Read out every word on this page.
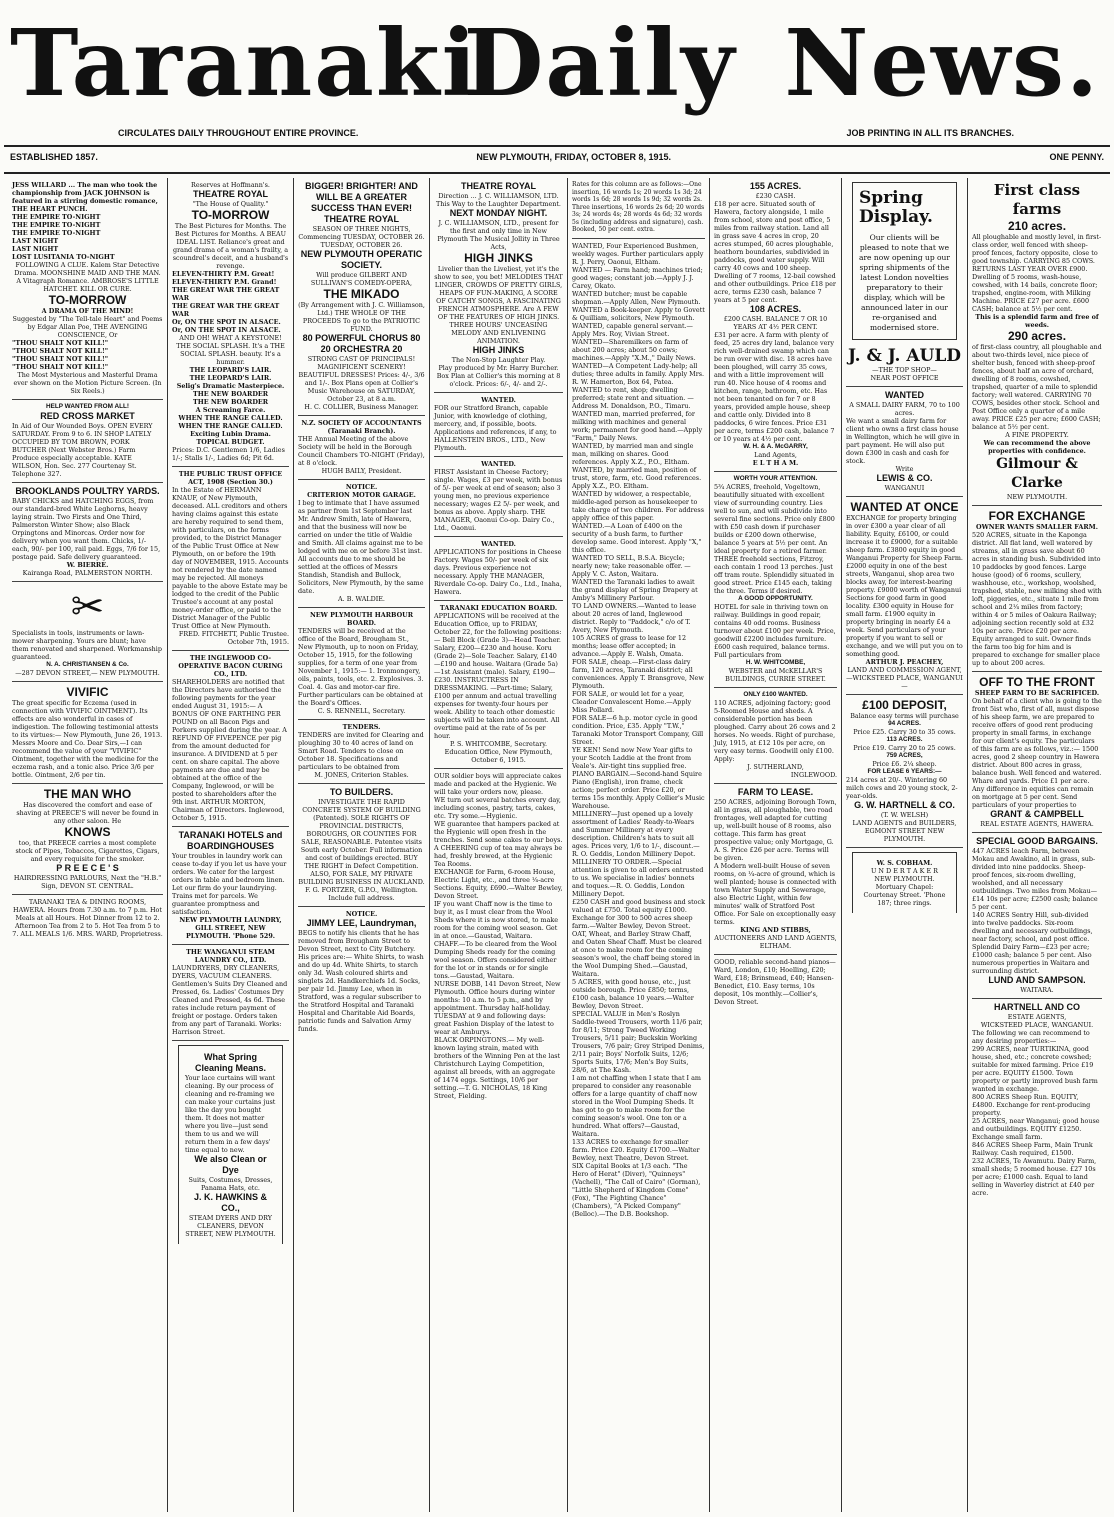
TaranakiDaily News.
CIRCULATES DAILY THROUGHOUT ENTIRE PROVINCE.	JOB PRINTING IN ALL ITS BRANCHES.
ESTABLISHED 1857.	NEW PLYMOUTH, FRIDAY, OCTOBER 8, 1915.	ONE PENNY.
JESS WILLARD ... The man who took the championship from JACK JOHNSON is featured in a stirring domestic romance, THE HEART PUNCH.
THE EMPIRE TO-NIGHT
THE EMPIRE TO-NIGHT
THE EMPIRE TO-NIGHT
LAST NIGHT
LAST NIGHT
LOST LUSITANIA TO-NIGHT
FOLLOWING A CLUE. Kalem Star Detective Drama. MOONSHINE MAID AND THE MAN. A Vitagraph Romance. AMBROSE'S LITTLE HATCHET. KILL OR CURE.
TO-MORROW
A DRAMA OF THE MIND!
Suggested by "The Tell-tale Heart" and Poems by Edgar Allan Poe, THE AVENGING CONSCIENCE, Or
"THOU SHALT NOT KILL!"
"THOU SHALT NOT KILL!"
"THOU SHALT NOT KILL!"
"THOU SHALT NOT KILL!"
The Most Mysterious and Masterful Drama ever shown on the Motion Picture Screen. (In Six Reels.)
HELP WANTED FROM ALL!
RED CROSS MARKET
In Aid of Our Wounded Boys. OPEN EVERY SATURDAY. From 9 to 6. IN SHOP LATELY OCCUPIED BY TOM BROWN, PORK BUTCHER (Next Webster Bros.) Farm Produce especially acceptable. KATE WILSON, Hon. Sec. 277 Courtenay St. Telephone 327.
BROOKLANDS POULTRY YARDS.
BABY CHICKS and HATCHING EGGS, from our standard-bred White Leghorns, heavy laying strain. Two Firsts and One Third, Palmerston Winter Show; also Black Orpingtons and Minorcas. Order now for delivery when you want them. Chicks, 1/- each, 90/- per 100, rail paid. Eggs, 7/6 for 15, postage paid. Safe delivery guaranteed.
W. BIERRE.
Kairanga Road, PALMERSTON NORTH.
✂
Specialists in tools, instruments or lawn-mower sharpening. Yours are blunt; have them renovated and sharpened. Workmanship guaranteed.
N. A. CHRISTIANSEN & Co.
—287 DEVON STREET,— NEW PLYMOUTH.
VIVIFIC
The great specific for Eczema (used in connection with VIVIFIC OINTMENT). Its effects are also wonderful in cases of indigestion. The following testimonial attests to its virtues:— New Plymouth, June 26, 1913. Messrs Moore and Co. Dear Sirs,—I can recommend the value of your "VIVIFIC" Ointment, together with the medicine for the eczema rash, and a tonic also. Price 3/6 per bottle. Ointment, 2/6 per tin.
THE MAN WHO
Has discovered the comfort and ease of shaving at PREECE'S will never be found in any other saloon. He
KNOWS
too, that PREECE carries a most complete stock of Pipes, Tobaccos, Cigarettes, Cigars, and every requisite for the smoker.
P R E E C E ' S
HAIRDRESSING PARLOURS, Next the "H.B." Sign, DEVON ST. CENTRAL.
TARANAKI TEA & DINING ROOMS, HAWERA. Hours from 7.30 a.m. to 7 p.m. Hot Meals at all Hours. Hot Dinner from 12 to 2. Afternoon Tea from 2 to 5. Hot Tea from 5 to 7. ALL MEALS 1/6. MRS. WARD, Proprietress.
Reserves at Hoffmann's.
THEATRE ROYAL
"The House of Quality."
TO-MORROW
The Best Pictures for Months. The Best Pictures for Months. A BEAU IDEAL LIST. Reliance's great and grand drama of a woman's frailty, a scoundrel's deceit, and a husband's revenge.
ELEVEN-THIRTY P.M. Great!
ELEVEN-THIRTY P.M. Grand!
THE GREAT WAR THE GREAT WAR
THE GREAT WAR THE GREAT WAR
Or, ON THE SPOT IN ALSACE.
Or, ON THE SPOT IN ALSACE.
AND OH! WHAT A KEYSTONE! THE SOCIAL SPLASH. It's a THE SOCIAL SPLASH. beauty. It's a hummer.
THE LEOPARD'S LAIR.
THE LEOPARD'S LAIR.
Selig's Dramatic Masterpiece.
THE NEW BOARDER
THE NEW BOARDER
A Screaming Farce.
WHEN THE RANGE CALLED.
WHEN THE RANGE CALLED.
Exciting Lubin Drama.
TOPICAL BUDGET.
Prices: D.C. Gentlemen 1/6, Ladies 1/-; Stalls 1/-, Ladies 6d; Pit 6d.
THE PUBLIC TRUST OFFICE ACT, 1908 (Section 30.)
In the Estate of HERMANN KNAUF, of New Plymouth, deceased. ALL creditors and others having claims against this estate are hereby required to send them, with particulars, on the forms provided, to the District Manager of the Public Trust Office at New Plymouth, on or before the 19th day of NOVEMBER, 1915. Accounts not rendered by the date named may be rejected. All moneys payable to the above Estate may be lodged to the credit of the Public Trustee's account at any postal money-order office, or paid to the District Manager of the Public Trust Office at New Plymouth.
FRED. FITCHETT, Public Trustee. October 7th, 1915.
THE INGLEWOOD CO-OPERATIVE BACON CURING CO., LTD.
SHAREHOLDERS are notified that the Directors have authorised the following payments for the year ended August 31, 1915:— A BONUS OF ONE FARTHING PER POUND on all Bacon Pigs and Porkers supplied during the year. A REFUND OF FIVEPENCE per pig from the amount deducted for insurance. A DIVIDEND at 5 per cent. on share capital. The above payments are due and may be obtained at the office of the Company, Inglewood, or will be posted to shareholders after the 9th inst. ARTHUR MORTON, Chairman of Directors. Inglewood, October 5, 1915.
TARANAKI HOTELS and BOARDINGHOUSES
Your troubles in laundry work can cease to-day if you let us have your orders. We cater for the largest orders in table and bedroom linen. Let our firm do your laundrying. Trains met for parcels. We guarantee promptness and satisfaction.
NEW PLYMOUTH LAUNDRY, GILL STREET, NEW PLYMOUTH. 'Phone 529.
THE WANGANUI STEAM LAUNDRY CO., LTD.
LAUNDRYERS, DRY CLEANERS, DYERS, VACUUM CLEANERS. Gentlemen's Suits Dry Cleaned and Pressed, 6s. Ladies' Costumes Dry Cleaned and Pressed, 4s 6d. These rates include return payment of freight or postage. Orders taken from any part of Taranaki. Works: Harrison Street.
What Spring Cleaning Means.
Your lace curtains will want cleaning. By our process of cleaning and re-framing we can make your curtains just like the day you bought them. It does not matter where you live—just send them to us and we will return them in a few days' time equal to new.
We also Clean or Dye
Suits, Costumes, Dresses, Panama Hats, etc.
J. K. HAWKINS & CO.,
STEAM DYERS AND DRY CLEANERS, DEVON STREET, NEW PLYMOUTH.
BIGGER! BRIGHTER! AND WILL BE A GREATER SUCCESS THAN EVER!
THEATRE ROYAL
SEASON OF THREE NIGHTS, Commencing TUESDAY, OCTOBER 26. TUESDAY, OCTOBER 26.
NEW PLYMOUTH OPERATIC SOCIETY.
Will produce GILBERT AND SULLIVAN'S COMEDY-OPERA,
THE MIKADO
(By Arrangement with J. C. Williamson, Ltd.) THE WHOLE OF THE PROCEEDS To go to the PATRIOTIC FUND.
80 POWERFUL CHORUS 80
20 ORCHESTRA 20
STRONG CAST OF PRINCIPALS! MAGNIFICENT SCENERY! BEAUTIFUL DRESSES! Prices: 4/-, 3/6 and 1/-. Box Plans open at Collier's Music Warehouse on SATURDAY, October 23, at 8 a.m.
H. C. COLLIER, Business Manager.
N.Z. SOCIETY OF ACCOUNTANTS (Taranaki Branch).
THE Annual Meeting of the above Society will be held in the Borough Council Chambers TO-NIGHT (Friday), at 8 o'clock.
HUGH BAILY, President.
NOTICE.
CRITERION MOTOR GARAGE.
I beg to intimate that I have assumed as partner from 1st September last Mr. Andrew Smith, late of Hawera, and that the business will now be carried on under the title of Waldie and Smith. All claims against me to be lodged with me on or before 31st inst. All accounts due to me should be settled at the offices of Messrs Standish, Standish and Bullock, Solicitors, New Plymouth, by the same date.
A. B. WALDIE.
NEW PLYMOUTH HARBOUR BOARD.
TENDERS will be received at the office of the Board, Brougham St., New Plymouth, up to noon on Friday, October 15, 1915, for the following supplies, for a term of one year from November 1, 1915:— 1. Ironmongery, oils, paints, tools, etc. 2. Explosives. 3. Coal. 4. Gas and motor-car fire. Further particulars can be obtained at the Board's Offices.
C. S. RENNELL, Secretary.
TENDERS.
TENDERS are invited for Clearing and ploughing 30 to 40 acres of land on Smart Road. Tenders to close on October 18. Specifications and particulars to be obtained from
M. JONES, Criterion Stables.
TO BUILDERS.
INVESTIGATE THE RAPID CONCRETE SYSTEM OF BUILDING (Patented). SOLE RIGHTS OF PROVINCIAL DISTRICTS, BOROUGHS, OR COUNTIES FOR SALE, REASONABLE. Patentee visits South early October. Full information and cost of buildings erected. BUY THE RIGHT in Defect Competition. ALSO, FOR SALE, MY PRIVATE BUILDING BUSINESS IN AUCKLAND.
F. G. FORTZER, G.P.O., Wellington. Include full address.
NOTICE.
JIMMY LEE, Laundryman,
BEGS to notify his clients that he has removed from Brougham Street to Devon Street, next to City Butchery. His prices are:— White Shirts, to wash and do up 4d. White Shirts, to starch only 3d. Wash coloured shirts and singlets 2d. Handkerchiefs 1d. Socks, per pair 1d. Jimmy Lee, when in Stratford, was a regular subscriber to the Stratford Hospital and Taranaki Hospital and Charitable Aid Boards, patriotic funds and Salvation Army funds.
THEATRE ROYAL
Direction ... J. C. WILLIAMSON, LTD.
This Way to the Laughter Department.
NEXT MONDAY NIGHT.
J. C. WILLIAMSON, LTD., present for the first and only time in New Plymouth The Musical Jollity in Three Acts,
HIGH JINKS
Livelier than the Liveliest, yet it's the show to see, you bet! MELODIES THAT LINGER, CROWDS OF PRETTY GIRLS, HEAPS OF FUN-MAKING, A SCORE OF CATCHY SONGS, A FASCINATING FRENCH ATMOSPHERE. Are A FEW OF THE FEATURES OF HIGH JINKS. THREE HOURS' UNCEASING MELODY AND ENLIVENING ANIMATION.
HIGH JINKS
The Non-Stop Laughter Play.
Play produced by Mr. Harry Burcher.
Box Plan at Collier's this morning at 8 o'clock. Prices: 6/-, 4/- and 2/-.
WANTED.
FOR our Stratford Branch, capable Junior, with knowledge of clothing, mercery, and, if possible, boots. Applications and references, if any, to HALLENSTEIN BROS., LTD., New Plymouth.
WANTED.
FIRST Assistant in Cheese Factory; single. Wages, £3 per week, with bonus of 5/- per week at end of season; also 3 young men, no previous experience necessary; wages £2 5/- per week, and bonus as above. Apply sharp. THE MANAGER, Oaonui Co-op. Dairy Co., Ltd., Oaonui.
WANTED.
APPLICATIONS for positions in Cheese Factory. Wages 50/- per week of six days. Previous experience not necessary. Apply THE MANAGER, Riverdale Co-op. Dairy Co., Ltd., Inaha, Hawera.
TARANAKI EDUCATION BOARD.
APPLICATIONS will be received at the Education Office, up to FRIDAY, October 22, for the following positions:— Bell Block (Grade 3)—Head Teacher. Salary, £200—£230 and house. Koru (Grade 2)—Sole Teacher. Salary, £140—£190 and house. Waitara (Grade 5a)—1st Assistant (male). Salary, £190—£230. INSTRUCTRESS IN DRESSMAKING. —Part-time; Salary, £100 per annum and actual travelling expenses for twenty-four hours per week. Ability to teach other domestic subjects will be taken into account. All overtime paid at the rate of 5s per hour.
P. S. WHITCOMBE, Secretary. Education Office, New Plymouth, October 6, 1915.
OUR soldier boys will appreciate cakes made and packed at the Hygienic. We will take your orders now, please.
WE turn out several batches every day, including scones, pastry, tarts, cakes, etc. Try some.—Hygienic.
WE guarantee that hampers packed at the Hygienic will open fresh in the trenches. Send some cakes to our boys.
A CHEERING cup of tea may always be had, freshly brewed, at the Hygienic Tea Rooms.
EXCHANGE for Farm, 6-room House, Electric Light, etc., and three ¼-acre Sections. Equity, £690.—Walter Bewley, Devon Street.
IF you want Chaff now is the time to buy it, as I must clear from the Wool Sheds where it is now stored, to make room for the coming wool season. Get in at once.—Gaustad, Waitara.
CHAFF.—To be cleared from the Wool Dumping Sheds ready for the coming wool season. Offers considered either for the lot or in stands or for single tons.—Gaustad, Waitara.
NURSE DOBB, 141 Devon Street, New Plymouth. Office hours during winter months: 10 a.m. to 5 p.m., and by appointment. Thursday half-holiday.
TUESDAY at 9 and following days: great Fashion Display of the latest to wear at Amburys.
BLACK ORPINGTONS.— My well-known laying strain, mated with brothers of the Winning Pen at the last Christchurch Laying Competition, against all breeds, with an aggregate of 1474 eggs. Settings, 10/6 per setting.—T. G. NICHOLAS, 18 King Street, Fielding.
Rates for this column are as follows:—One insertion, 16 words 1s; 20 words 1s 3d; 24 words 1s 6d; 28 words 1s 9d; 32 words 2s. Three insertions, 16 words 2s 6d; 20 words 3s; 24 words 4s; 28 words 4s 6d; 32 words 5s (including address and signature), cash. Booked, 50 per cent. extra.
WANTED, Four Experienced Bushmen, weekly wages. Further particulars apply R. J. Perry, Oaonui, Eltham.
WANTED — Farm hand; machines tried; good wages; constant job.—Apply J. J. Carey, Okato.
WANTED butcher; must be capable shopman.—Apply Allen, New Plymouth.
WANTED a Book-keeper. Apply to Govett & Quilliam, solicitors, New Plymouth.
WANTED, capable general servant.—Apply Mrs. Roy, Vivian Street.
WANTED—Sharemilkers on farm of about 200 acres; about 50 cows; machines.—Apply "X.M.," Daily News.
WANTED—A Competent Lady-help; all duties; three adults in family. Apply Mrs. R. W. Hamerton, Box 64, Patea.
WANTED to rent, shop; dwelling preferred; state rent and situation. —Address M. Donaldson, P.O., Timaru.
WANTED man, married preferred, for milking with machines and general work; permanent for good hand.—Apply "Farm," Daily News.
WANTED, by married man and single man, milking on shares. Good references. Apply X.Z., P.O., Eltham.
WANTED, by married man, position of trust, store, farm, etc. Good references. Apply X.Z., P.O. Eltham.
WANTED by widower, a respectable, middle-aged person as housekeeper to take charge of two children. For address apply office of this paper.
WANTED.—A Loan of £400 on the security of a bush farm, to further develop same. Good interest. Apply "X," this office.
WANTED TO SELL, B.S.A. Bicycle; nearly new; take reasonable offer. —Apply V. C. Aston, Waitara.
WANTED the Taranaki ladies to await the grand display of Spring Drapery at Amby's Millinery Parlour.
TO LAND OWNERS.—Wanted to lease about 20 acres of land, Inglewood district. Reply to "Paddock," c/o of T. Avery, New Plymouth.
105 ACRES of grass to lease for 12 months; lease offer accepted; in advance.—Apply E. Walsh, Omata.
FOR SALE, cheap.—First-class dairy farm, 120 acres, Taranaki district; all conveniences. Apply T. Bransgrove, New Plymouth.
FOR SALE, or would let for a year, Cleador Convalescent Home.—Apply Miss Pollard.
FOR SALE—6 h.p. motor cycle in good condition. Price, £35. Apply "T.W.," Taranaki Motor Transport Company, Gill Street.
YE KEN! Send now New Year gifts to your Scotch Laddie at the front from Veale's. Air-tight tins supplied free.
PIANO BARGAIN.—Second-hand Squire Piano (English), iron frame, check action; perfect order. Price £20, or terms 15s monthly. Apply Collier's Music Warehouse.
MILLINERY—Just opened up a lovely assortment of Ladies' Ready-to-Wears and Summer Millinery at every description. Children's hats to suit all ages. Prices very, 1/6 to 1/-, discount.—R. O. Geddis, London Millinery Depot.
MILLINERY TO ORDER.—Special attention is given to all orders entrusted to us. We specialise in ladies' bonnets and toques.—R. O. Geddis, London Millinery Depot.
£250 CASH and good business and stock valued at £750. Total equity £1000. Exchange for 300 to 500 acres sheep farm.—Walter Bewley, Devon Street.
OAT, Wheat, and Barley Straw Chaff, and Oaten Sheaf Chaff. Must be cleared at once to make room for the coming season's wool, the chaff being stored in the Wool Dumping Shed.—Gaustad, Waitara.
5 ACRES, with good house, etc., just outside borough. Price £850; terms, £100 cash, balance 10 years.—Walter Bewley, Devon Street.
SPECIAL VALUE in Men's Roslyn Saddle-tweed Trousers, worth 11/6 pair, for 8/11; Strong Tweed Working Trousers, 5/11 pair; Buckskin Working Trousers, 7/6 pair; Grey Striped Denims, 2/11 pair; Boys' Norfolk Suits, 12/6; Sports Suits, 17/6; Men's Boy Suits, 28/6, at The Kash.
I am not chaffing when I state that I am prepared to consider any reasonable offers for a large quantity of chaff now stored in the Wool Dumping Sheds. It has got to go to make room for the coming season's wool. One ton or a hundred. What offers?—Gaustad, Waitara.
133 ACRES to exchange for smaller farm. Price £20. Equity £1700.—Walter Bewley, next Theatre, Devon Street.
SIX Capital Books at 1/3 each. "The Hero of Herat" (Diver), "Quinneys" (Vachell), "The Call of Cairo" (Gorman), "Little Shepherd of Kingdom Come" (Fox), "The Fighting Chance" (Chambers), "A Picked Company" (Belloc).—The D.B. Bookshop.
155 ACRES.
£230 CASH.
£18 per acre. Situated south of Hawera, factory alongside, 1 mile from school, store and post office, 5 miles from railway station. Land all in grass save 4 acres in crop, 20 acres stumped, 60 acres ploughable, heathorn boundaries, subdivided in paddocks, good water supply. Will carry 40 cows and 100 sheep. Dwelling of 7 rooms, 12-bail cowshed and other outbuildings. Price £18 per acre, terms £230 cash, balance 7 years at 5 per cent.
108 ACRES.
£200 CASH. BALANCE 7 OR 10 YEARS AT 4½ PER CENT.
£31 per acre. A farm with plenty of feed, 25 acres dry land, balance very rich well-drained swamp which can be run over with disc. 18 acres have been ploughed, will carry 35 cows, and with a little improvement will run 40. Nice house of 4 rooms and kitchen, range, bathroom, etc. Has not been tenanted on for 7 or 8 years, provided ample house, sheep and cattle only. Divided into 8 paddocks, 6 wire fences. Price £31 per acre, terms £200 cash, balance 7 or 10 years at 4½ per cent.
W. H. & A. McGARRY,
Land Agents,
E L T H A M.
WORTH YOUR ATTENTION.
5¾ ACRES, freehold, Vogeltown, beautifully situated with excellent view of surrounding country. Lies well to sun, and will subdivide into several fine sections. Price only £800 with £50 cash down if purchaser builds or £200 down otherwise, balance 5 years at 5½ per cent. An ideal property for a retired farmer.
THREE freehold sections, Fitzroy, each contain 1 rood 13 perches. Just off tram route. Splendidly situated in good street. Price £145 each, taking the three. Terms if desired.
A GOOD OPPORTUNITY.
HOTEL for sale in thriving town on railway. Buildings in good repair, contains 40 odd rooms. Business turnover about £100 per week. Price, goodwill £2200 includes furniture. £600 cash required, balance terms. Full particulars from
H. W. WHITCOMBE,
WEBSTER and McKELLAR'S BUILDINGS, CURRIE STREET.
ONLY £100 WANTED.
110 ACRES, adjoining factory; good 5-Roomed House and sheds. A considerable portion has been ploughed. Carry about 26 cows and 2 horses. No weeds. Right of purchase, July, 1915, at £12 10s per acre, on very easy terms. Goodwill only £100.
Apply:
J. SUTHERLAND,
INGLEWOOD.
FARM TO LEASE.
250 ACRES, adjoining Borough Town, all in grass, all ploughable, two road frontages, well adapted for cutting up, well-built house of 8 rooms, also cottage. This farm has great prospective value; only Mortgage, G. A. S. Price £26 per acre. Terms will be given.
A Modern well-built House of seven rooms, on ¼-acre of ground, which is well planted; house is connected with town Water Supply and Sewerage, also Electric Light, within few minutes' walk of Stratford Post Office. For Sale on exceptionally easy terms.
KING AND STIBBS,
AUCTIONEERS AND LAND AGENTS,
ELTHAM.
GOOD, reliable second-hand pianos—Ward, London, £10; Hoelling, £20; Ward, £18; Brinsmead, £40; Hansen-Benedict, £10. Easy terms, 10s deposit, 10s monthly.—Collier's, Devon Street.
Spring Display.
Our clients will be pleased to note that we are now opening up our spring shipments of the latest London novelties preparatory to their display, which will be announced later in our re-organised and modernised store.
J. & J. AULD
—THE TOP SHOP—
NEAR POST OFFICE
WANTED
A SMALL DAIRY FARM, 70 to 100 acres.
We want a small dairy farm for client who owns a first class house in Wellington, which he will give in part payment. He will also put down £300 in cash and cash for stock.
Write
LEWIS & CO.
WANGANUI
WANTED AT ONCE
EXCHANGE for property bringing in over £300 a year clear of all liability. Equity, £6100, or could increase it to £9000, for a suitable sheep farm. £3800 equity in good Wanganui Property for Sheep Farm. £2000 equity in one of the best streets, Wanganui, shop area two blocks away, for interest-bearing property. £9000 worth of Wanganui Sections for good farm in good locality. £300 equity in House for small farm. £1900 equity in property bringing in nearly £4 a week. Send particulars of your property if you want to sell or exchange, and we will put you on to something good.
ARTHUR J. PEACHEY,
LAND AND COMMISSION AGENT,
—WICKSTEED PLACE, WANGANUI—
£100 DEPOSIT,
Balance easy terms will purchase
94 ACRES.
Price £25. Carry 30 to 35 cows.
113 ACRES.
Price £19. Carry 20 to 25 cows.
759 ACRES,
Price £6. 2¼ sheep.
FOR LEASE 6 YEARS:—
214 acres at 20/-. Wintering 60 milch cows and 20 young stock, 2-year-olds.
G. W. HARTNELL & CO.
(T. W. WELSH)
LAND AGENTS and BUILDERS,
EGMONT STREET NEW PLYMOUTH.
W. S. COBHAM.
U N D E R T A K E R
NEW PLYMOUTH.
Mortuary Chapel: Courtenay Street. 'Phone 187; three rings.
First class farms
210 acres.
All ploughable and mostly level, in first-class order, well fenced with sheep-proof fences, factory opposite, close to good township. CARRYING 85 COWS. RETURNS LAST YEAR OVER £900. Dwelling of 5 rooms, wash-house, cowshed, with 14 bails, concrete floor; trapshed, engine-room, with Milking Machine. PRICE £27 per acre. £600 CASH; balance at 5½ per cent.
This is a splendid farm and free of weeds.
290 acres.
of first-class country, all ploughable and about two-thirds level, nice piece of shelter bush, fenced with sheep-proof fences, about half an acre of orchard, dwelling of 8 rooms, cowshed, trapshed, quarter of a mile to splendid factory; well watered. CARRYING 70 COWS, besides other stock. School and Post Office only a quarter of a mile away. PRICE £25 per acre; £600 CASH; balance at 5½ per cent.
A FINE PROPERTY.
We can recommend the above properties with confidence.
Gilmour & Clarke
NEW PLYMOUTH.
FOR EXCHANGE
OWNER WANTS SMALLER FARM.
520 ACRES, situate in the Kaponga district. All flat land, well watered by streams, all in grass save about 60 acres in standing bush. Subdivided into 10 paddocks by good fences. Large house (good) of 6 rooms, scullery, washhouse, etc., workshop, woolshed, trapshed, stable, new milking shed with loft, piggeries, etc., situate 1 mile from school and 2¼ miles from factory; within 4 or 5 miles of Oakura Railway; adjoining section recently sold at £32 10s per acre. Price £20 per acre. Equity arranged to suit. Owner finds the farm too big for him and is prepared to exchange for smaller place up to about 200 acres.
OFF TO THE FRONT
SHEEP FARM TO BE SACRIFICED.
On behalf of a client who is going to the front 5ist who, first of all, must dispose of his sheep farm, we are prepared to receive offers of good rent producing property in small farms, in exchange for our client's equity. The particulars of this farm are as follows, viz.:— 1500 acres, good 2 sheep country in Hawera district. About 800 acres in grass, balance bush. Well fenced and watered. Whare and yards. Price £1 per acre. Any difference in equities can remain on mortgage at 5 per cent. Send particulars of your properties to
GRANT & CAMPBELL
REAL ESTATE AGENTS, HAWERA.
SPECIAL GOOD BARGAINS.
447 ACRES leach Farm, between Mokau and Awakino, all in grass, sub-divided into nine paddocks. Sheep-proof fences, six-room dwelling, woolshed, and all necessary outbuildings. Two miles from Mokau—£14 10s per acre; £2500 cash; balance 5 per cent.
140 ACRES Sentry Hill, sub-divided into twelve paddocks. Six-room dwelling and necessary outbuildings, near factory, school, and post office. Splendid Dairy Farm—£23 per acre; £1000 cash; balance 5 per cent. Also numerous properties in Waitara and surrounding district.
LUND AND SAMPSON.
WAITARA.
HARTNELL AND CO
ESTATE AGENTS,
WICKSTEED PLACE, WANGANUI.
The following we can recommend to any desiring properties:—
299 ACRES, near TURTIKINA, good house, shed, etc.; concrete cowshed; suitable for mixed farming. Price £19 per acre. EQUITY £1500. Town property or partly improved bush farm wanted in exchange.
800 ACRES Sheep Run. EQUITY, £4800. Exchange for rent-producing property.
25 ACRES, near Wanganui; good house and outbuildings. EQUITY £1250. Exchange small farm.
846 ACRES Sheep Farm, Main Trunk Railway. Cash required, £1500.
232 ACRES, Te Awamutu. Dairy Farm, small sheds; 5 roomed house. £27 10s per acre; £1000 cash. Equal to land selling in Waverley district at £40 per acre.
